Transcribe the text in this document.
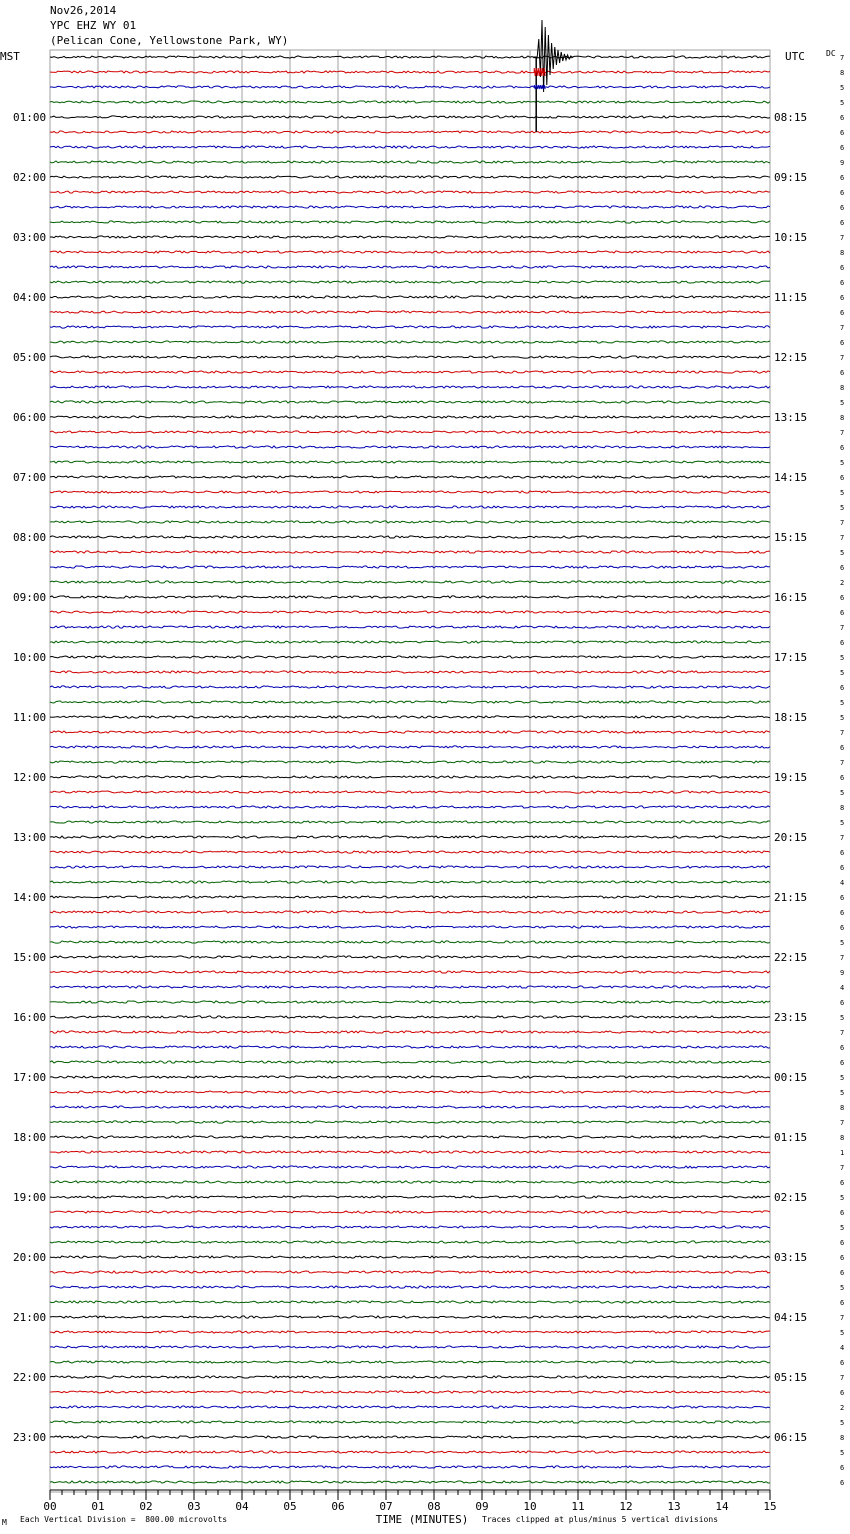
Nov26,2014
YPC EHZ WY 01
(Pelican Cone, Yellowstone Park, WY)
MST	UTC	DC 7
8
5
5
6
6
6
9
6
6
6
6
7
8
6
6
6
6
7
6
7
6
8
5
8
7
6
5
6
5
5
7
7
5
6
2
6
6
7
6
5
5
6
5
5
7
6
7
6
5
8
5
7
6
6
4
6
6
6
5
7
9
4
6
5
7
6
6
5
5
8
7
8
1
7
6
5
6
5
6
6
6
5
6
7
5
4
6
7
6
2
5
8
5
6
6
01:00
02:00
03:00
04:00
05:00
06:00
07:00
08:00
09:00
10:00
11:00
12:00
13:00
14:00
15:00
16:00
17:00
18:00
19:00
20:00
21:00
22:00
23:00
08:15
09:15
10:15
11:15
12:15
13:15
14:15
15:15
16:15
17:15
18:15
19:15
20:15
21:15
22:15
23:15
00:15
01:15
02:15
03:15
04:15
05:15
06:15
00	01	02	03	04	05	06	07	08	09	10	11	12	13	14	15
TIME (MINUTES)
M Each Vertical Division =  800.00 microvolts	Traces clipped at plus/minus 5 vertical divisions
